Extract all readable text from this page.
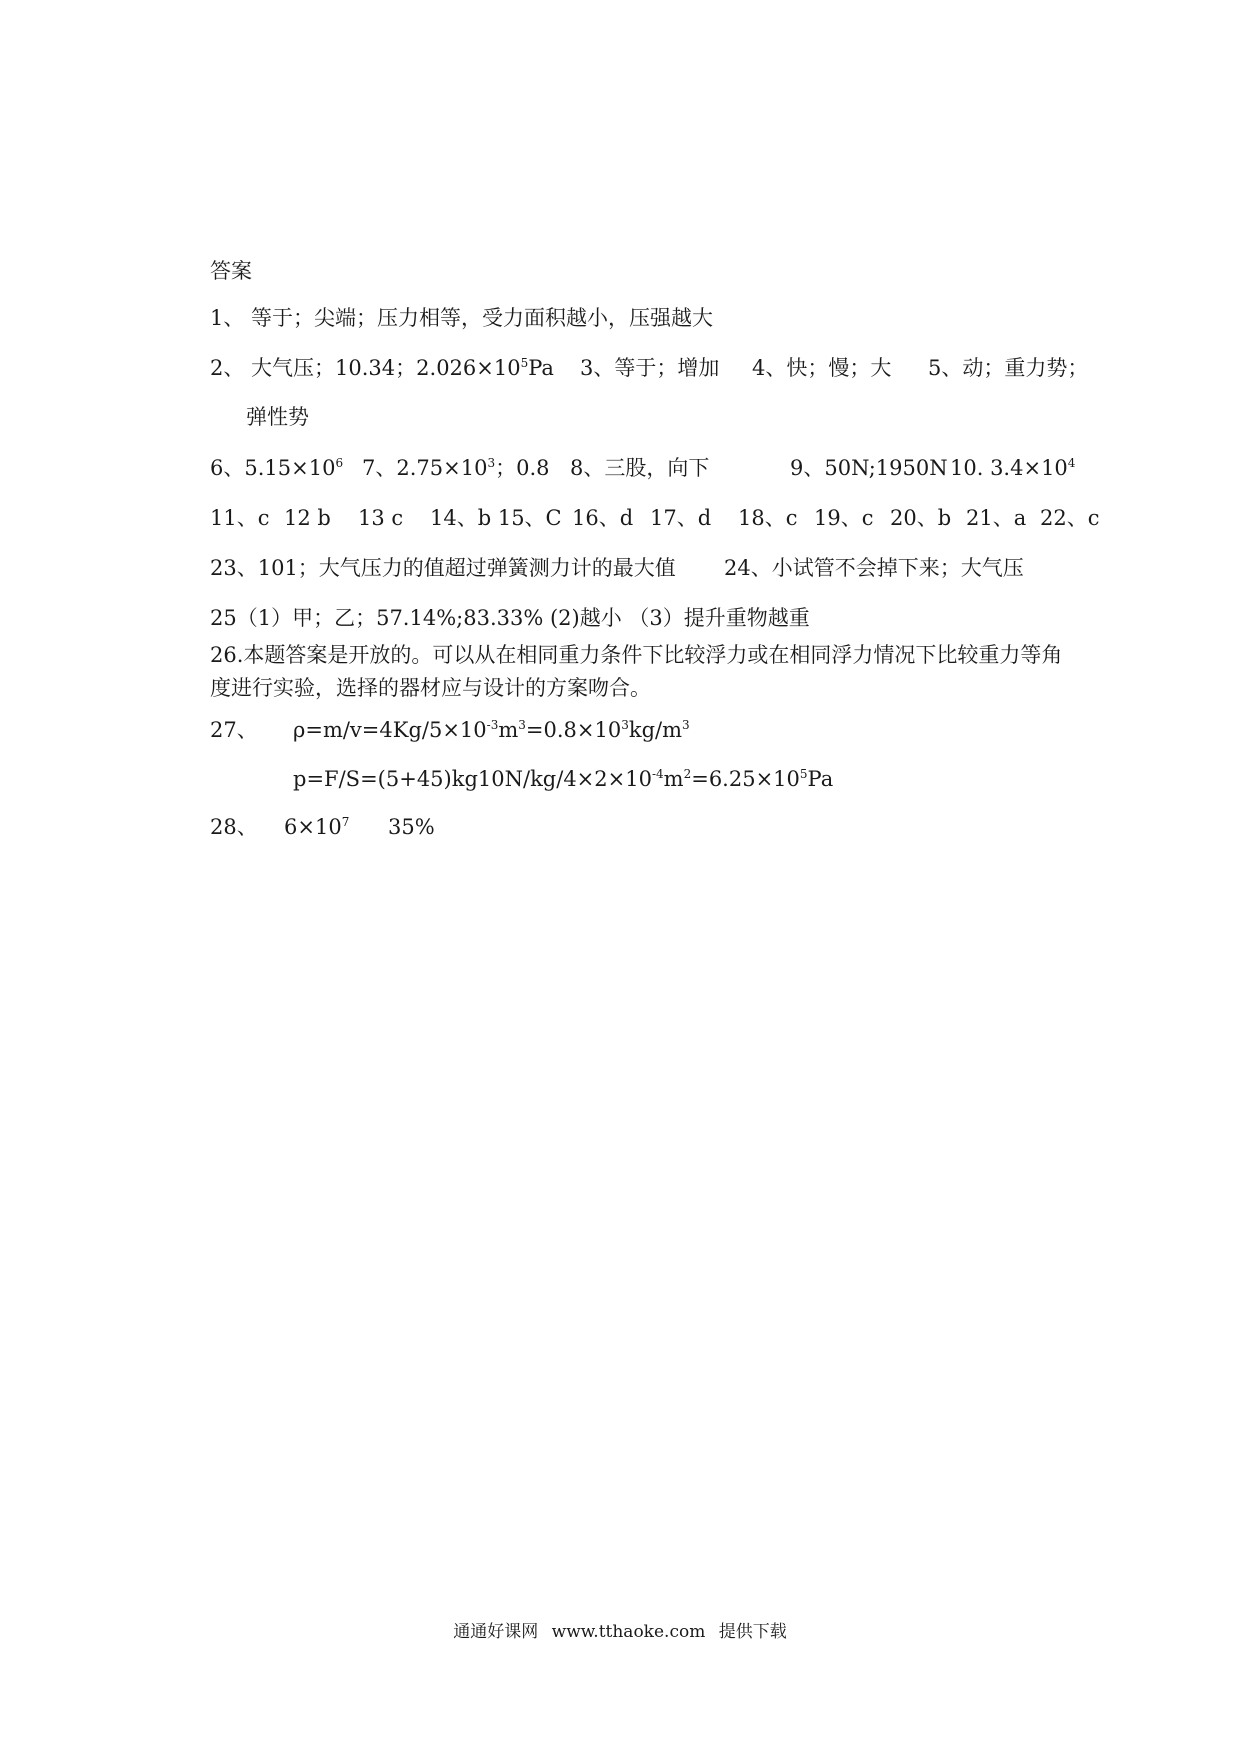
答案
1、 等于；尖端；压力相等，受力面积越小，压强越大
2、 大气压；10.34；$2.026\times 10^5Pa$ 3、等于；增加 4、快；慢；大 5、动；重力势；
弹性势
6、$5.15\times 10^6$ 7、$2.75\times 10^3$；0.8 8、三股，向下	9、50N;1950N 10. $3.4\times 10^4$
11、c 12 b 13 c 14、b 15、C 16、d 17、d 18、c 19、c 20、b 21、a 22、c
23、101；大气压力的值超过弹簧测力计的最大值 24、小试管不会掉下来；大气压
25（1）甲；乙；57.14%;83.33% (2)越小 （3）提升重物越重
26.本题答案是开放的。可以从在相同重力条件下比较浮力或在相同浮力情况下比较重力等角
度进行实验，选择的器材应与设计的方案吻合。
27、 $\rho=m/v=4Kg/5\times 10^{-3}m^3=0.8\times 10^3kg/m^3$
$p=F/S=(5+45)kg10N/kg/4\times 2\times 10^{-4}m^2=6.25\times 10^5Pa$
28、 $6\times 10^7$ 35%
通通好课网 www.tthaoke.com 提供下载
